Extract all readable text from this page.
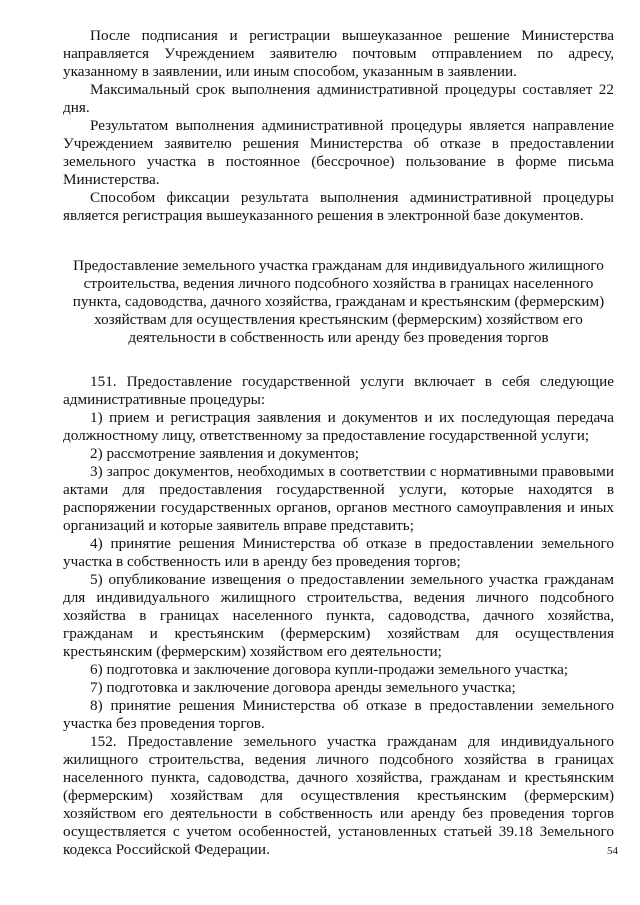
После подписания и регистрации вышеуказанное решение Министерства направляется Учреждением заявителю почтовым отправлением по адресу, указанному в заявлении, или иным способом, указанным в заявлении.

Максимальный срок выполнения административной процедуры составляет 22 дня.

Результатом выполнения административной процедуры является направление Учреждением заявителю решения Министерства об отказе в предоставлении земельного участка в постоянное (бессрочное) пользование в форме письма Министерства.

Способом фиксации результата выполнения административной процедуры является регистрация вышеуказанного решения в электронной базе документов.

Предоставление земельного участка гражданам для индивидуального жилищного строительства, ведения личного подсобного хозяйства в границах населенного пункта, садоводства, дачного хозяйства, гражданам и крестьянским (фермерским) хозяйствам для осуществления крестьянским (фермерским) хозяйством его деятельности в собственность или аренду без проведения торгов

151. Предоставление государственной услуги включает в себя следующие административные процедуры:

1) прием и регистрация заявления и документов и их последующая передача должностному лицу, ответственному за предоставление государственной услуги;

2) рассмотрение заявления и документов;

3) запрос документов, необходимых в соответствии с нормативными правовыми актами для предоставления государственной услуги, которые находятся в распоряжении государственных органов, органов местного самоуправления и иных организаций и которые заявитель вправе представить;

4) принятие решения Министерства об отказе в предоставлении земельного участка в собственность или в аренду без проведения торгов;

5) опубликование извещения о предоставлении земельного участка гражданам для индивидуального жилищного строительства, ведения личного подсобного хозяйства в границах населенного пункта, садоводства, дачного хозяйства, гражданам и крестьянским (фермерским) хозяйствам для осуществления крестьянским (фермерским) хозяйством его деятельности;

6) подготовка и заключение договора купли-продажи земельного участка;

7) подготовка и заключение договора аренды земельного участка;

8) принятие решения Министерства об отказе в предоставлении земельного участка без проведения торгов.

152. Предоставление земельного участка гражданам для индивидуального жилищного строительства, ведения личного подсобного хозяйства в границах населенного пункта, садоводства, дачного хозяйства, гражданам и крестьянским (фермерским) хозяйствам для осуществления крестьянским (фермерским) хозяйством его деятельности в собственность или аренду без проведения торгов осуществляется с учетом особенностей, установленных статьей 39.18 Земельного кодекса Российской Федерации.	54
